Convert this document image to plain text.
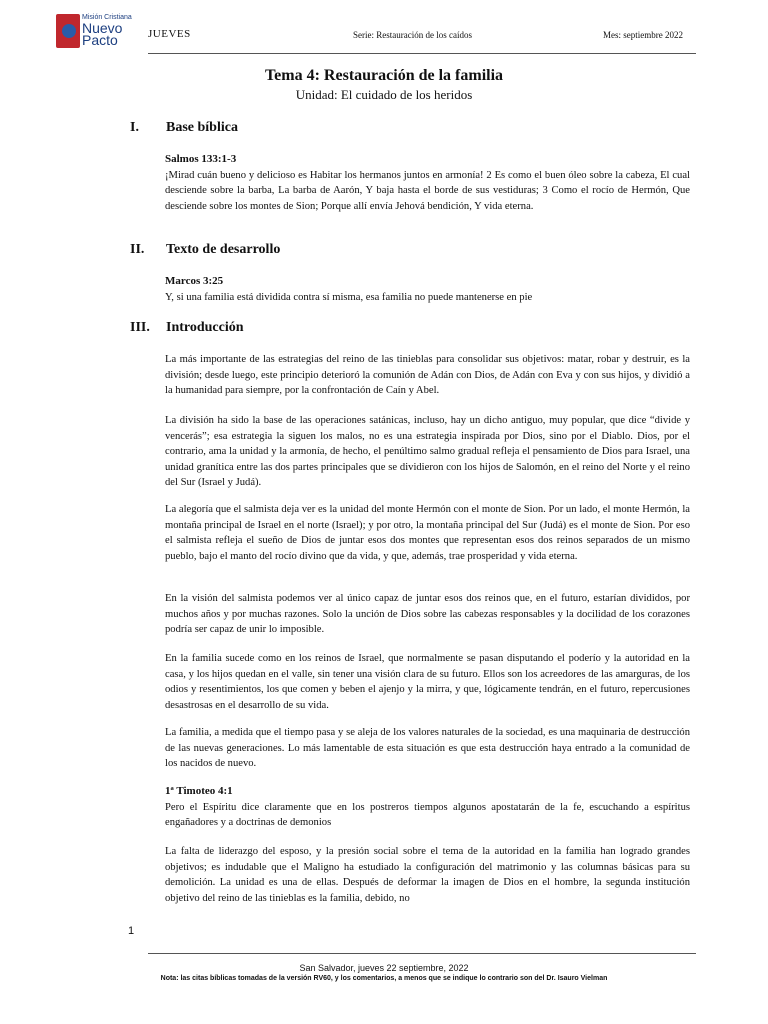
Misión Cristiana
Nuevo
Pacto	JUEVES	Serie: Restauración de los caídos	Mes: septiembre 2022
Tema 4: Restauración de la familia
Unidad: El cuidado de los heridos
I. Base bíblica
Salmos 133:1-3
¡Mirad cuán bueno y delicioso es Habitar los hermanos juntos en armonía! 2 Es como el buen óleo sobre la cabeza, El cual desciende sobre la barba, La barba de Aarón, Y baja hasta el borde de sus vestiduras; 3 Como el rocío de Hermón, Que desciende sobre los montes de Sion; Porque allí envía Jehová bendición, Y vida eterna.
II. Texto de desarrollo
Marcos 3:25
Y, si una familia está dividida contra sí misma, esa familia no puede mantenerse en pie
III. Introducción
La más importante de las estrategias del reino de las tinieblas para consolidar sus objetivos: matar, robar y destruir, es la división; desde luego, este principio deterioró la comunión de Adán con Dios, de Adán con Eva y con sus hijos, y dividió a la humanidad para siempre, por la confrontación de Caín y Abel.
La división ha sido la base de las operaciones satánicas, incluso, hay un dicho antiguo, muy popular, que dice “divide y vencerás”; esa estrategia la siguen los malos, no es una estrategia inspirada por Dios, sino por el Diablo. Dios, por el contrario, ama la unidad y la armonía, de hecho, el penúltimo salmo gradual refleja el pensamiento de Dios para Israel, una unidad granítica entre las dos partes principales que se dividieron con los hijos de Salomón, en el reino del Norte y el reino del Sur (Israel y Judá).
La alegoría que el salmista deja ver es la unidad del monte Hermón con el monte de Sion. Por un lado, el monte Hermón, la montaña principal de Israel en el norte (Israel); y por otro, la montaña principal del Sur (Judá) es el monte de Sion. Por eso el salmista refleja el sueño de Dios de juntar esos dos montes que representan esos dos reinos separados de un mismo pueblo, bajo el manto del rocío divino que da vida, y que, además, trae prosperidad y vida eterna.
En la visión del salmista podemos ver al único capaz de juntar esos dos reinos que, en el futuro, estarían divididos, por muchos años y por muchas razones. Solo la unción de Dios sobre las cabezas responsables y la docilidad de los corazones podría ser capaz de unir lo imposible.
En la familia sucede como en los reinos de Israel, que normalmente se pasan disputando el poderío y la autoridad en la casa, y los hijos quedan en el valle, sin tener una visión clara de su futuro. Ellos son los acreedores de las amarguras, de los odios y resentimientos, los que comen y beben el ajenjo y la mirra, y que, lógicamente tendrán, en el futuro, repercusiones desastrosas en el desarrollo de su vida.
La familia, a medida que el tiempo pasa y se aleja de los valores naturales de la sociedad, es una maquinaria de destrucción de las nuevas generaciones. Lo más lamentable de esta situación es que esta destrucción haya entrado a la comunidad de los nacidos de nuevo.
1ª Timoteo 4:1
Pero el Espíritu dice claramente que en los postreros tiempos algunos apostatarán de la fe, escuchando a espíritus engañadores y a doctrinas de demonios
La falta de liderazgo del esposo, y la presión social sobre el tema de la autoridad en la familia han logrado grandes objetivos; es indudable que el Maligno ha estudiado la configuración del matrimonio y las columnas básicas para su demolición. La unidad es una de ellas. Después de deformar la imagen de Dios en el hombre, la segunda institución objetivo del reino de las tinieblas es la familia, debido, no
1
San Salvador, jueves 22 septiembre, 2022
Nota: las citas bíblicas tomadas de la versión RV60, y los comentarios, a menos que se indique lo contrario son del Dr. Isauro Vielman
